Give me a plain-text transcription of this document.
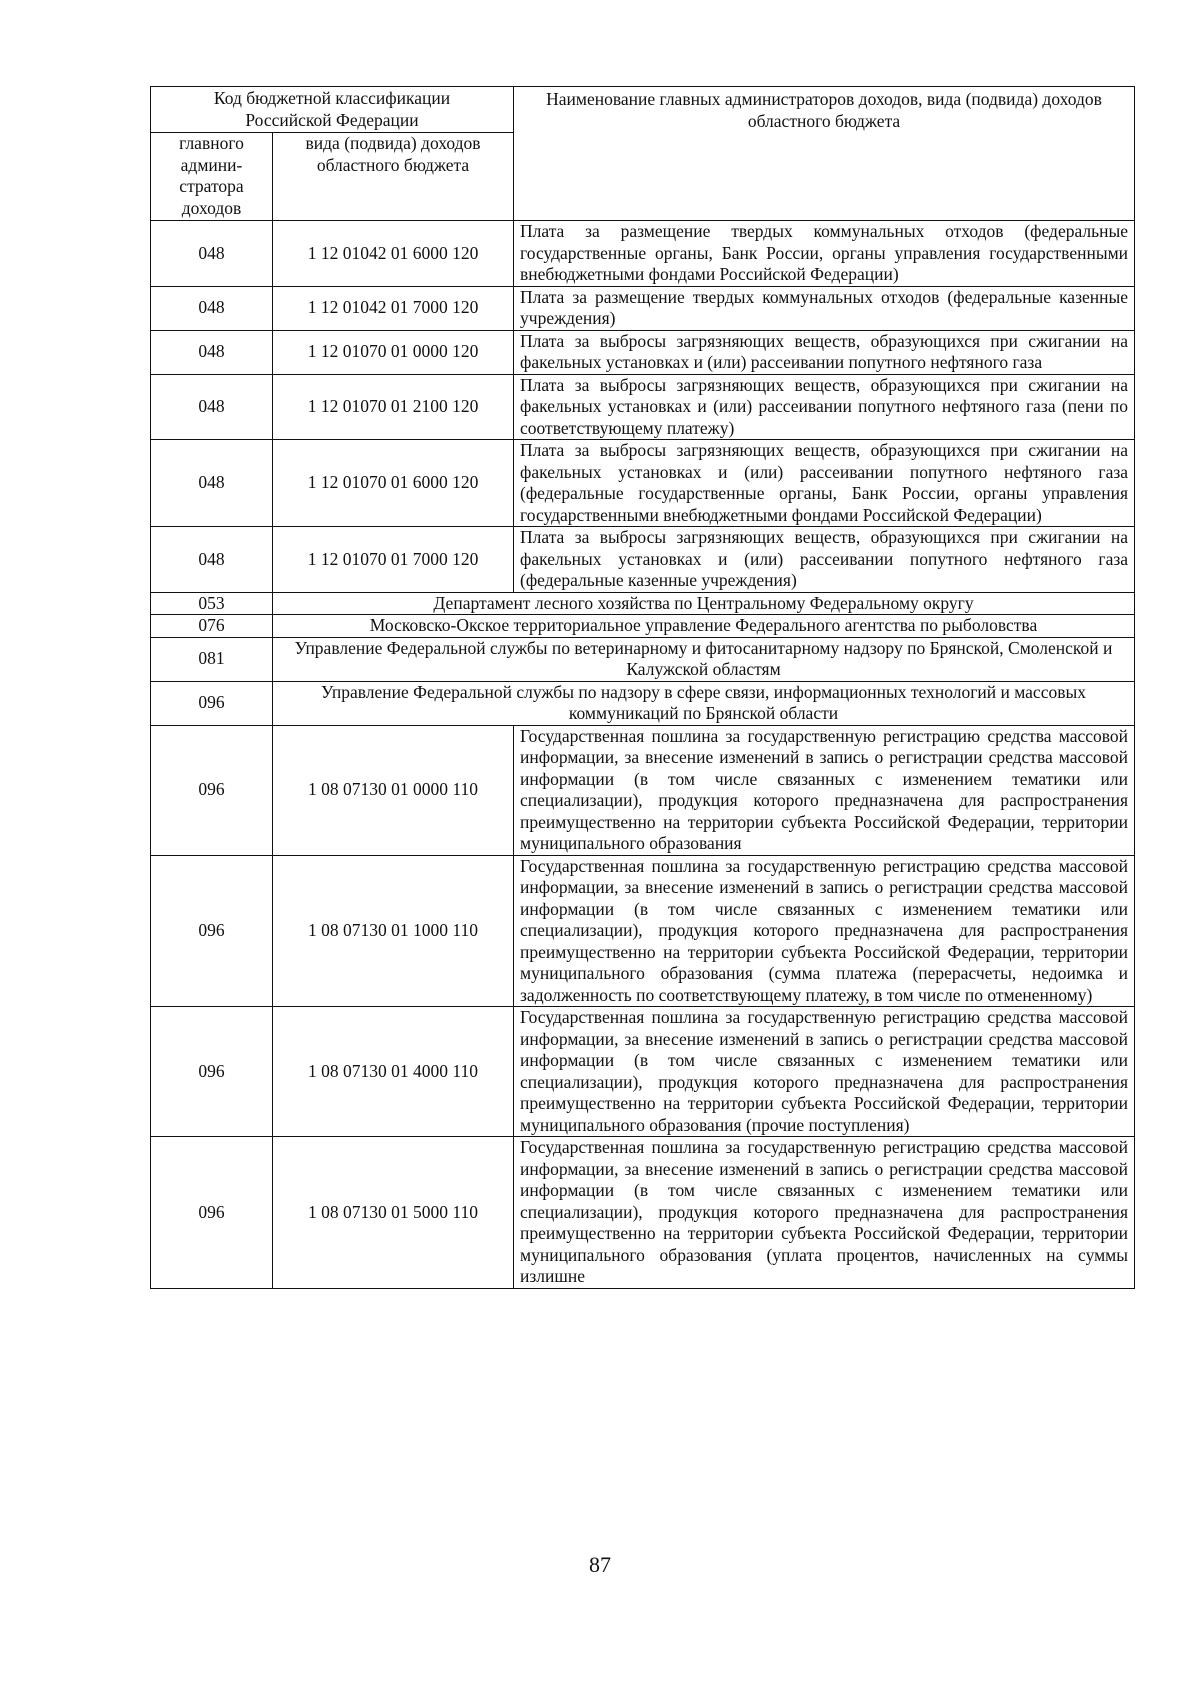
Код бюджетной классификации Российской Федерации		Наименование главных администраторов доходов, вида (подвида) доходов областного бюджета
главного админи-стратора доходов	вида (подвида) доходов областного бюджета	
048	1 12 01042 01 6000 120	Плата за размещение твердых коммунальных отходов (федеральные государственные органы, Банк России, органы управления государственными внебюджетными фондами Российской Федерации)
048	1 12 01042 01 7000 120	Плата за размещение твердых коммунальных отходов (федеральные казенные учреждения)
048	1 12 01070 01 0000 120	Плата за выбросы загрязняющих веществ, образующихся при сжигании на факельных установках и (или) рассеивании попутного нефтяного газа
048	1 12 01070 01 2100 120	Плата за выбросы загрязняющих веществ, образующихся при сжигании на факельных установках и (или) рассеивании попутного нефтяного газа (пени по соответствующему платежу)
048	1 12 01070 01 6000 120	Плата за выбросы загрязняющих веществ, образующихся при сжигании на факельных установках и (или) рассеивании попутного нефтяного газа (федеральные государственные органы, Банк России, органы управления государственными внебюджетными фондами Российской Федерации)
048	1 12 01070 01 7000 120	Плата за выбросы загрязняющих веществ, образующихся при сжигании на факельных установках и (или) рассеивании попутного нефтяного газа (федеральные казенные учреждения)
053	Департамент лесного хозяйства по Центральному Федеральному округу	
076	Московско-Окское территориальное управление Федерального агентства по рыболовства	
081	Управление Федеральной службы по ветеринарному и фитосанитарному надзору по Брянской, Смоленской и Калужской областям	
096	Управление Федеральной службы по надзору в сфере связи, информационных технологий и массовых коммуникаций по Брянской области	
096	1 08 07130 01 0000 110	Государственная пошлина за государственную регистрацию средства массовой информации, за внесение изменений в запись о регистрации средства массовой информации (в том числе связанных с изменением тематики или специализации), продукция которого предназначена для распространения преимущественно на территории субъекта Российской Федерации, территории муниципального образования
096	1 08 07130 01 1000 110	Государственная пошлина за государственную регистрацию средства массовой информации, за внесение изменений в запись о регистрации средства массовой информации (в том числе связанных с изменением тематики или специализации), продукция которого предназначена для распространения преимущественно на территории субъекта Российской Федерации, территории муниципального образования (сумма платежа (перерасчеты, недоимка и задолженность по соответствующему платежу, в том числе по отмененному)
096	1 08 07130 01 4000 110	Государственная пошлина за государственную регистрацию средства массовой информации, за внесение изменений в запись о регистрации средства массовой информации (в том числе связанных с изменением тематики или специализации), продукция которого предназначена для распространения преимущественно на территории субъекта Российской Федерации, территории муниципального образования (прочие поступления)
096	1 08 07130 01 5000 110	Государственная пошлина за государственную регистрацию средства массовой информации, за внесение изменений в запись о регистрации средства массовой информации (в том числе связанных с изменением тематики или специализации), продукция которого предназначена для распространения преимущественно на территории субъекта Российской Федерации, территории муниципального образования (уплата процентов, начисленных на суммы излишне
87
